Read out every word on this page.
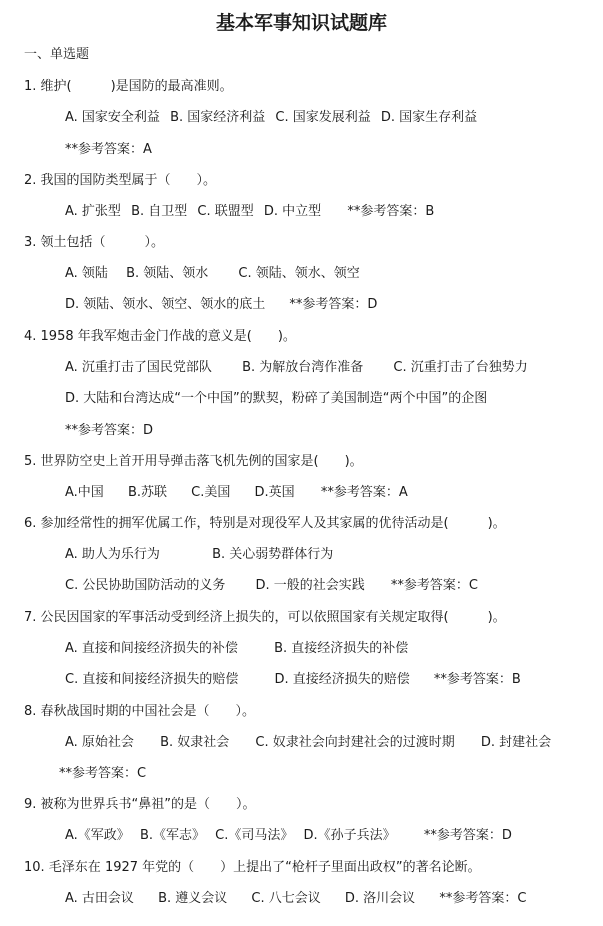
基本军事知识试题库
一、单选题
1. 维护(　　　)是国防的最高准则。
A. 国家安全利益 B. 国家经济利益 C. 国家发展利益 D. 国家生存利益
**参考答案：A
2. 我国的国防类型属于（　　）。
A. 扩张型 B. 自卫型 C. 联盟型 D. 中立型 **参考答案：B
3. 领土包括（　　　）。
A. 领陆 B. 领陆、领水 C. 领陆、领水、领空
D. 领陆、领水、领空、领水的底土 **参考答案：D
4. 1958 年我军炮击金门作战的意义是(　　)。
A. 沉重打击了国民党部队 B. 为解放台湾作准备 C. 沉重打击了台独势力
D. 大陆和台湾达成“一个中国”的默契，粉碎了美国制造“两个中国”的企图
**参考答案：D
5. 世界防空史上首开用导弹击落飞机先例的国家是(　　)。
A.中国 B.苏联 C.美国 D.英国 **参考答案：A
6. 参加经常性的拥军优属工作，特别是对现役军人及其家属的优待活动是(　　　)。
A. 助人为乐行为	B. 关心弱势群体行为
C. 公民协助国防活动的义务 D. 一般的社会实践 **参考答案：C
7. 公民因国家的军事活动受到经济上损失的，可以依照国家有关规定取得(　　　)。
A. 直接和间接经济损失的补偿	B. 直接经济损失的补偿
C. 直接和间接经济损失的赔偿	D. 直接经济损失的赔偿 **参考答案：B
8. 春秋战国时期的中国社会是（　　）。
A. 原始社会 B. 奴隶社会 C. 奴隶社会向封建社会的过渡时期 D. 封建社会
**参考答案：C
9. 被称为世界兵书“鼻祖”的是（　　）。
A.《军政》 B.《军志》 C.《司马法》 D.《孙子兵法》 **参考答案：D
10. 毛泽东在 1927 年党的（　　）上提出了“枪杆子里面出政权”的著名论断。
A. 古田会议 B. 遵义会议 C. 八七会议 D. 洛川会议 **参考答案：C
